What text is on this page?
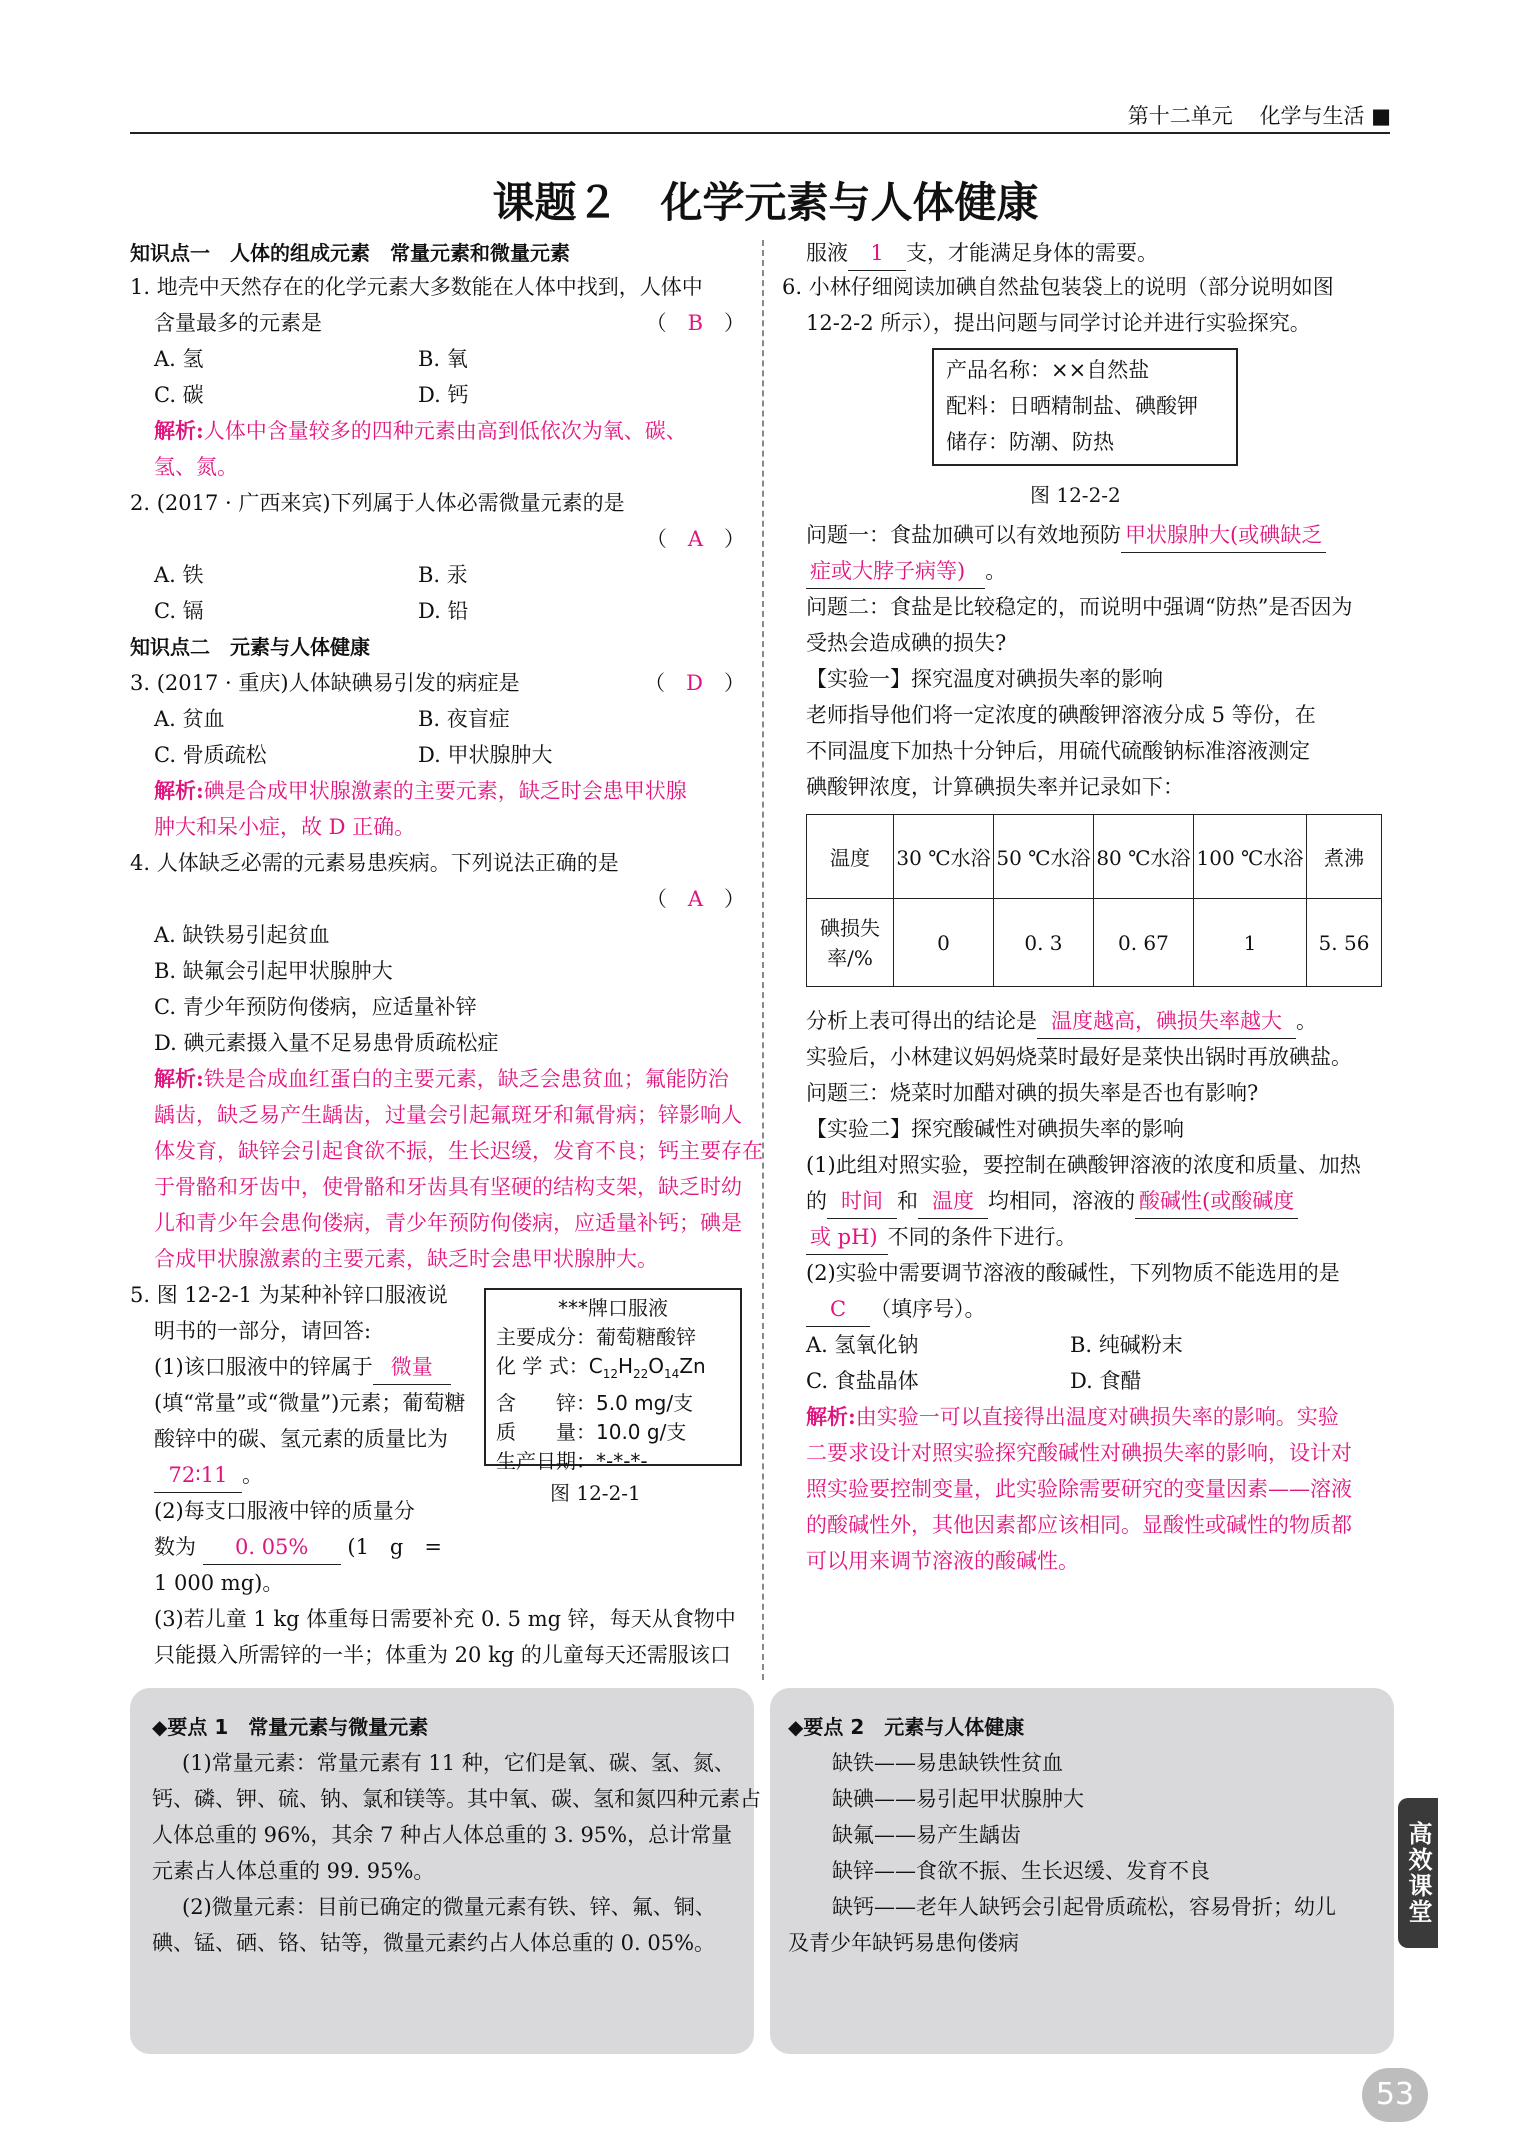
第十二单元 化学与生活 ■
课题２　化学元素与人体健康
知识点一　人体的组成元素　常量元素和微量元素
1. 地壳中天然存在的化学元素大多数能在人体中找到，人体中
含量最多的元素是	（　B　）
A. 氢	B. 氧
C. 碳	D. 钙
解析:人体中含量较多的四种元素由高到低依次为氧、碳、
氢、氮。
2. (2017 · 广西来宾)下列属于人体必需微量元素的是
（　A　）
A. 铁	B. 汞
C. 镉	D. 铅
知识点二　元素与人体健康
3. (2017 · 重庆)人体缺碘易引发的病症是	（　D　）
A. 贫血	B. 夜盲症
C. 骨质疏松	D. 甲状腺肿大
解析:碘是合成甲状腺激素的主要元素，缺乏时会患甲状腺
肿大和呆小症，故 D 正确。
4. 人体缺乏必需的元素易患疾病。下列说法正确的是
（　A　）
A. 缺铁易引起贫血
B. 缺氟会引起甲状腺肿大
C. 青少年预防佝偻病，应适量补锌
D. 碘元素摄入量不足易患骨质疏松症
解析:铁是合成血红蛋白的主要元素，缺乏会患贫血；氟能防治
龋齿，缺乏易产生龋齿，过量会引起氟斑牙和氟骨病；锌影响人
体发育，缺锌会引起食欲不振，生长迟缓，发育不良；钙主要存在
于骨骼和牙齿中，使骨骼和牙齿具有坚硬的结构支架，缺乏时幼
儿和青少年会患佝偻病，青少年预防佝偻病，应适量补钙；碘是
合成甲状腺激素的主要元素，缺乏时会患甲状腺肿大。
5. 图 12-2-1 为某种补锌口服液说
明书的一部分，请回答:
(1)该口服液中的锌属于 微量
(填“常量”或“微量”)元素；葡萄糖
酸锌中的碳、氢元素的质量比为
72∶11 。
(2)每支口服液中锌的质量分
数为 0. 05% (1　g　=
1 000 mg)。
(3)若儿童 1 kg 体重每日需要补充 0. 5 mg 锌，每天从食物中
只能摄入所需锌的一半；体重为 20 kg 的儿童每天还需服该口
***牌口服液
主要成分：葡萄糖酸锌
化 学 式：$C_{12}H_{22}O_{14}Zn$
含　　锌：5.0 mg/支
质　　量：10.0 g/支
生产日期：*-*-*-
图 12-2-1
服液 1 支，才能满足身体的需要。
6. 小林仔细阅读加碘自然盐包装袋上的说明（部分说明如图
12-2-2 所示），提出问题与同学讨论并进行实验探究。
产品名称：××自然盐
配料：日晒精制盐、碘酸钾
储存：防潮、防热
图 12-2-2
问题一：食盐加碘可以有效地预防 甲状腺肿大(或碘缺乏
症或大脖子病等) 。
问题二：食盐是比较稳定的，而说明中强调“防热”是否因为
受热会造成碘的损失?
【实验一】探究温度对碘损失率的影响
老师指导他们将一定浓度的碘酸钾溶液分成 5 等份，在
不同温度下加热十分钟后，用硫代硫酸钠标准溶液测定
碘酸钾浓度，计算碘损失率并记录如下：
温度	30 ℃水浴	50 ℃水浴	80 ℃水浴	100 ℃水浴	煮沸
碘损失
率/%	0	0. 3	0. 67	1	5. 56
分析上表可得出的结论是 温度越高，碘损失率越大 。
实验后，小林建议妈妈烧菜时最好是菜快出锅时再放碘盐。
问题三：烧菜时加醋对碘的损失率是否也有影响?
【实验二】探究酸碱性对碘损失率的影响
(1)此组对照实验，要控制在碘酸钾溶液的浓度和质量、加热
的 时间 和 温度 均相同，溶液的 酸碱性(或酸碱度
或 pH) 不同的条件下进行。
(2)实验中需要调节溶液的酸碱性，下列物质不能选用的是
C （填序号）。
A. 氢氧化钠	B. 纯碱粉末
C. 食盐晶体	D. 食醋
解析:由实验一可以直接得出温度对碘损失率的影响。实验
二要求设计对照实验探究酸碱性对碘损失率的影响，设计对
照实验要控制变量，此实验除需要研究的变量因素——溶液
的酸碱性外，其他因素都应该相同。显酸性或碱性的物质都
可以用来调节溶液的酸碱性。
◆要点 1　常量元素与微量元素
(1)常量元素：常量元素有 11 种，它们是氧、碳、氢、氮、
钙、磷、钾、硫、钠、氯和镁等。其中氧、碳、氢和氮四种元素占
人体总重的 96%，其余 7 种占人体总重的 3. 95%，总计常量
元素占人体总重的 99. 95%。
(2)微量元素：目前已确定的微量元素有铁、锌、氟、铜、
碘、锰、硒、铬、钴等，微量元素约占人体总重的 0. 05%。
◆要点 2　元素与人体健康
缺铁——易患缺铁性贫血
缺碘——易引起甲状腺肿大
缺氟——易产生龋齿
缺锌——食欲不振、生长迟缓、发育不良
缺钙——老年人缺钙会引起骨质疏松，容易骨折；幼儿
及青少年缺钙易患佝偻病
高效课堂
53
